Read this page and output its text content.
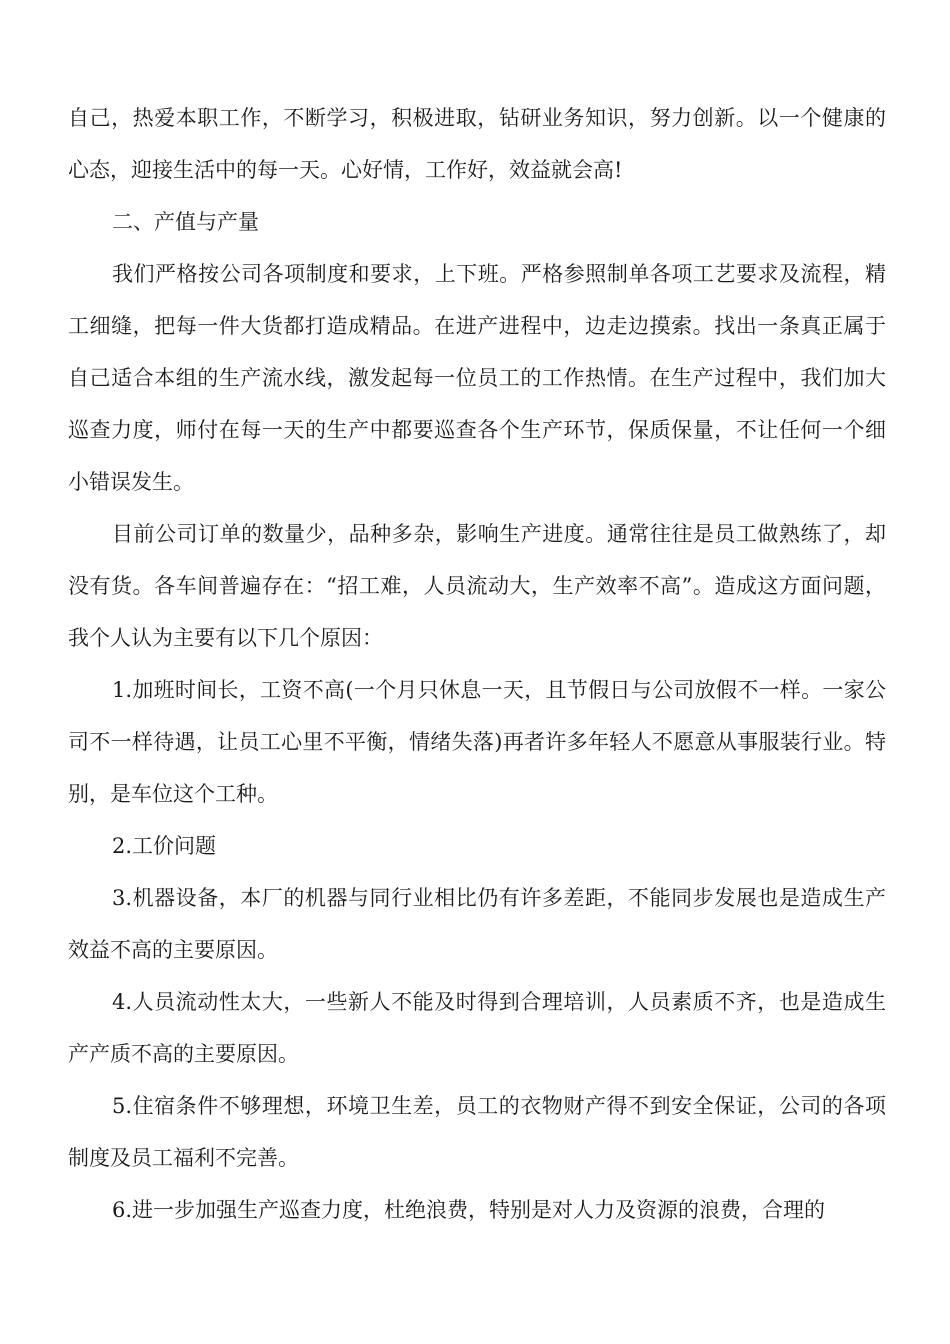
自己，热爱本职工作，不断学习，积极进取，钻研业务知识，努力创新。以一个健康的心态，迎接生活中的每一天。心好情，工作好，效益就会高!

二、产值与产量

我们严格按公司各项制度和要求，上下班。严格参照制单各项工艺要求及流程，精工细缝，把每一件大货都打造成精品。在进产进程中，边走边摸索。找出一条真正属于自己适合本组的生产流水线，激发起每一位员工的工作热情。在生产过程中，我们加大巡查力度，师付在每一天的生产中都要巡查各个生产环节，保质保量，不让任何一个细小错误发生。

目前公司订单的数量少，品种多杂，影响生产进度。通常往往是员工做熟练了，却没有货。各车间普遍存在：“招工难，人员流动大，生产效率不高”。造成这方面问题，我个人认为主要有以下几个原因：

1.加班时间长，工资不高(一个月只休息一天，且节假日与公司放假不一样。一家公司不一样待遇，让员工心里不平衡，情绪失落)再者许多年轻人不愿意从事服装行业。特别，是车位这个工种。

2.工价问题

3.机器设备，本厂的机器与同行业相比仍有许多差距，不能同步发展也是造成生产效益不高的主要原因。

4.人员流动性太大，一些新人不能及时得到合理培训，人员素质不齐，也是造成生产产质不高的主要原因。

5.住宿条件不够理想，环境卫生差，员工的衣物财产得不到安全保证，公司的各项制度及员工福利不完善。

6.进一步加强生产巡查力度，杜绝浪费，特别是对人力及资源的浪费，合理的
